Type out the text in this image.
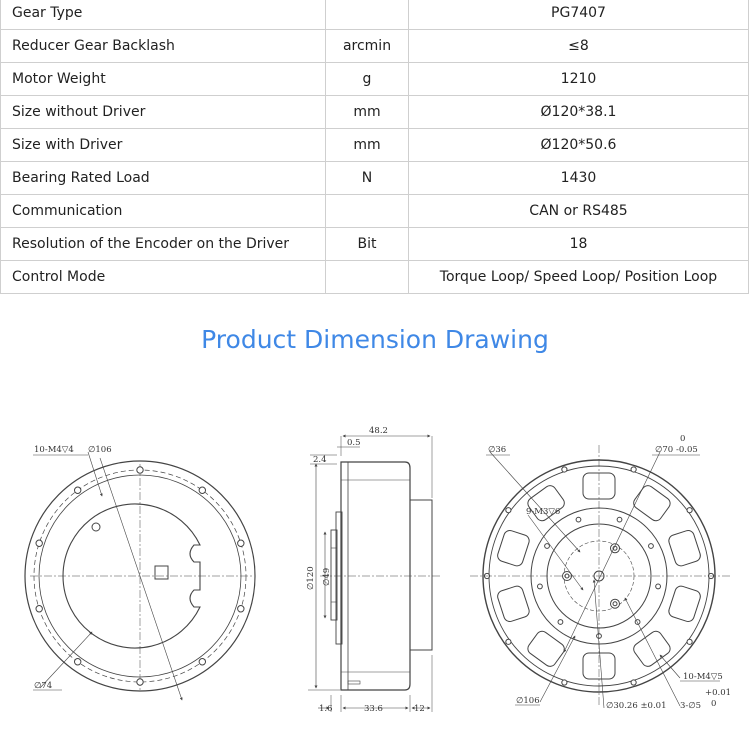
Gear Type		PG7407
Reducer Gear Backlash	arcmin	≤8
Motor Weight	g	1210
Size without Driver	mm	Ø120*38.1
Size with Driver	mm	Ø120*50.6
Bearing Rated Load	N	1430
Communication		CAN or RS485
Resolution of the Encoder on the Driver	Bit	18
Control Mode		Torque Loop/ Speed Loop/ Position Loop
Product Dimension Drawing
10-M4▽4 ∅106
∅74
48.2
0.5
2.4
∅120 ∅49
1.6	33.6	12
∅36	∅70
0
-0.05
9-M3▽6
10-M4▽5
+0.01
0
∅106	∅30.26 ±0.01 3-∅5
